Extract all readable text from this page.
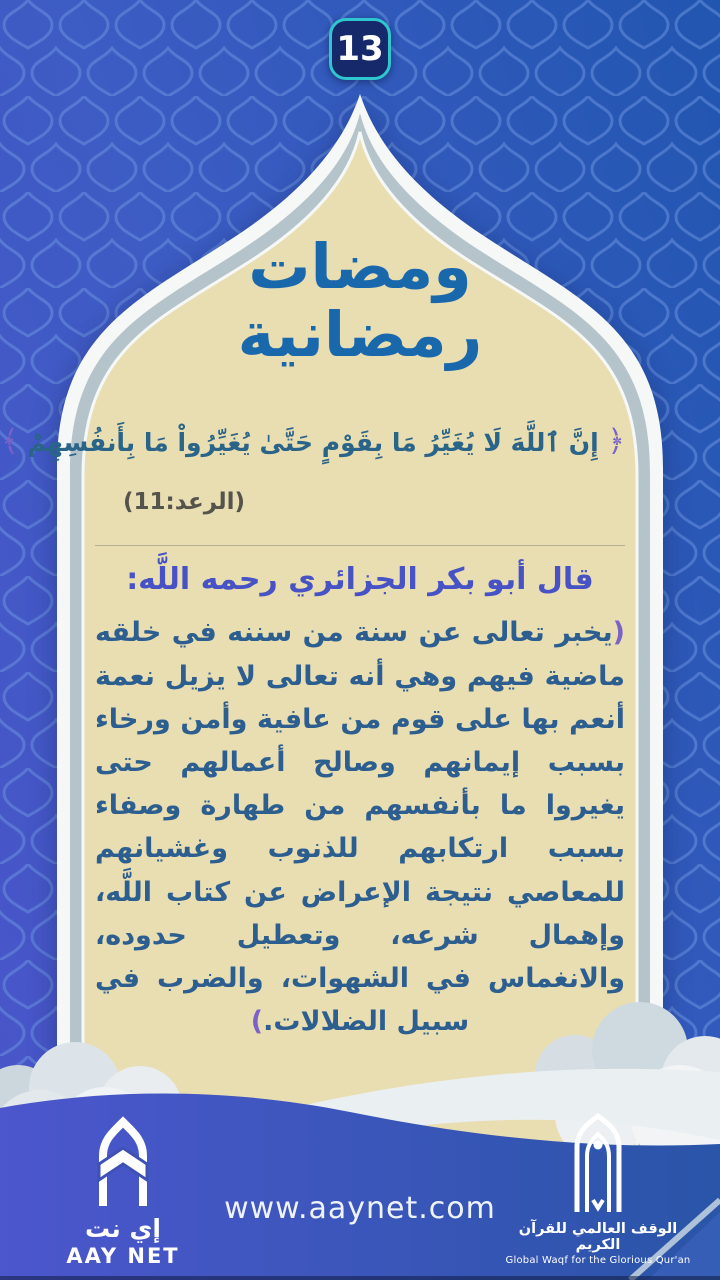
13
ومضات
رمضانية
﴿ إِنَّ ٱللَّهَ لَا يُغَيِّرُ مَا بِقَوْمٍ حَتَّىٰ يُغَيِّرُواْ مَا بِأَنفُسِهِمْ ﴾
(الرعد:11)
قال أبو بكر الجزائري رحمه اللَّه:
(يخبر تعالى عن سنة من سننه في خلقه ماضية فيهم وهي أنه تعالى لا يزيل نعمة أنعم بها على قوم من عافية وأمن ورخاء بسبب إيمانهم وصالح أعمالهم حتى يغيروا ما بأنفسهم من طهارة وصفاء بسبب ارتكابهم للذنوب وغشيانهم للمعاصي نتيجة الإعراض عن كتاب اللَّه، وإهمال شرعه، وتعطيل حدوده، والانغماس في الشهوات، والضرب في سبيل الضلالات.)
إي نت
AAY NET
www.aaynet.com
الوقف العالمي للقرآن الكريم
Global Waqf for the Glorious Qur'an
